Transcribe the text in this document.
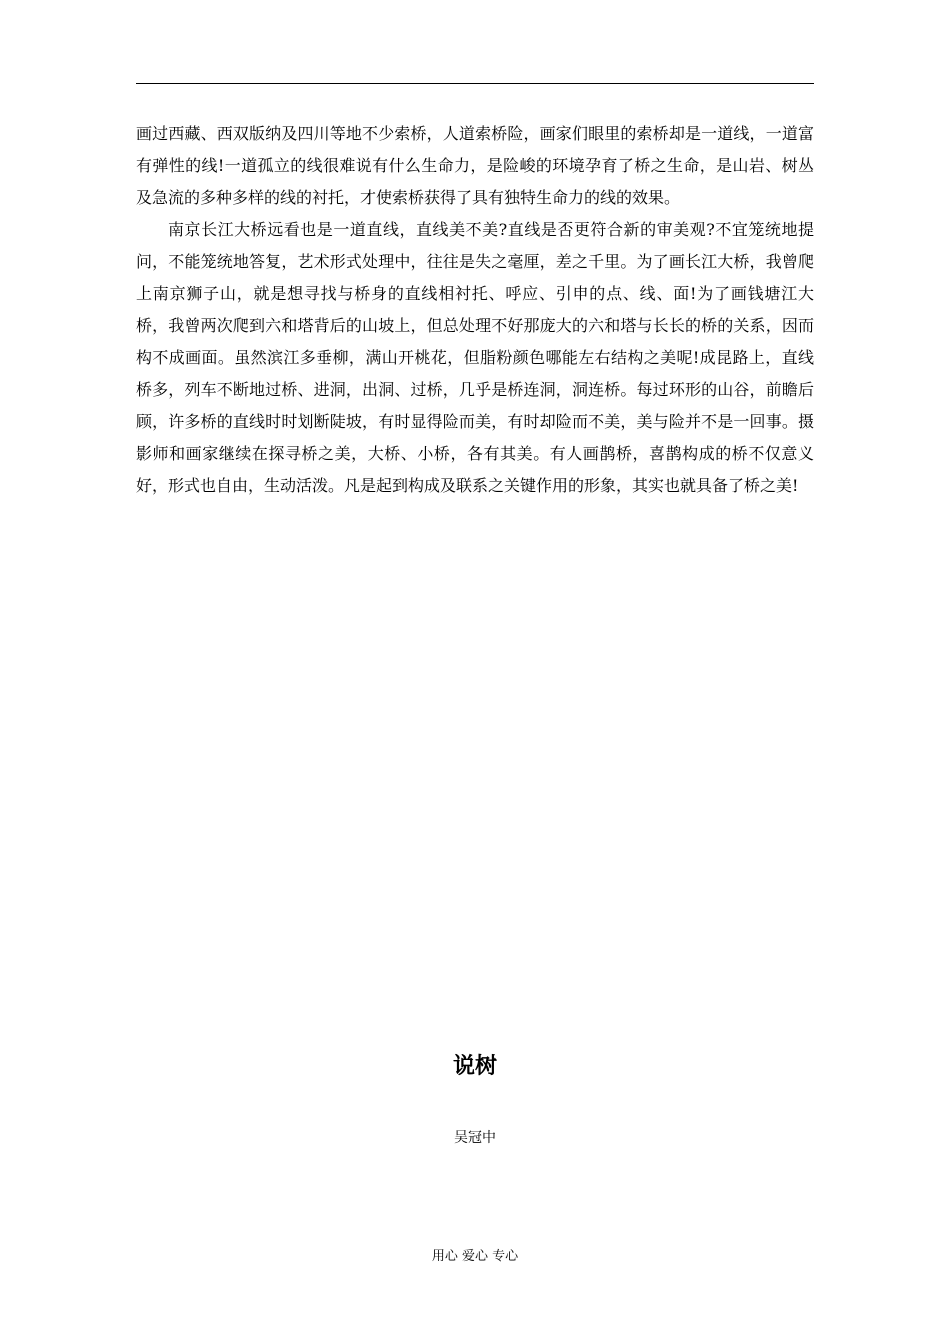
画过西藏、西双版纳及四川等地不少索桥，人道索桥险，画家们眼里的索桥却是一道线，一道富有弹性的线!一道孤立的线很难说有什么生命力，是险峻的环境孕育了桥之生命，是山岩、树丛及急流的多种多样的线的衬托，才使索桥获得了具有独特生命力的线的效果。

南京长江大桥远看也是一道直线，直线美不美?直线是否更符合新的审美观?不宜笼统地提问，不能笼统地答复，艺术形式处理中，往往是失之毫厘，差之千里。为了画长江大桥，我曾爬上南京狮子山，就是想寻找与桥身的直线相衬托、呼应、引申的点、线、面!为了画钱塘江大桥，我曾两次爬到六和塔背后的山坡上，但总处理不好那庞大的六和塔与长长的桥的关系，因而构不成画面。虽然滨江多垂柳，满山开桃花，但脂粉颜色哪能左右结构之美呢!成昆路上，直线桥多，列车不断地过桥、进洞，出洞、过桥，几乎是桥连洞，洞连桥。每过环形的山谷，前瞻后顾，许多桥的直线时时划断陡坡，有时显得险而美，有时却险而不美，美与险并不是一回事。摄影师和画家继续在探寻桥之美，大桥、小桥，各有其美。有人画鹊桥，喜鹊构成的桥不仅意义好，形式也自由，生动活泼。凡是起到构成及联系之关键作用的形象，其实也就具备了桥之美!

说树
吴冠中
用心 爱心 专心
